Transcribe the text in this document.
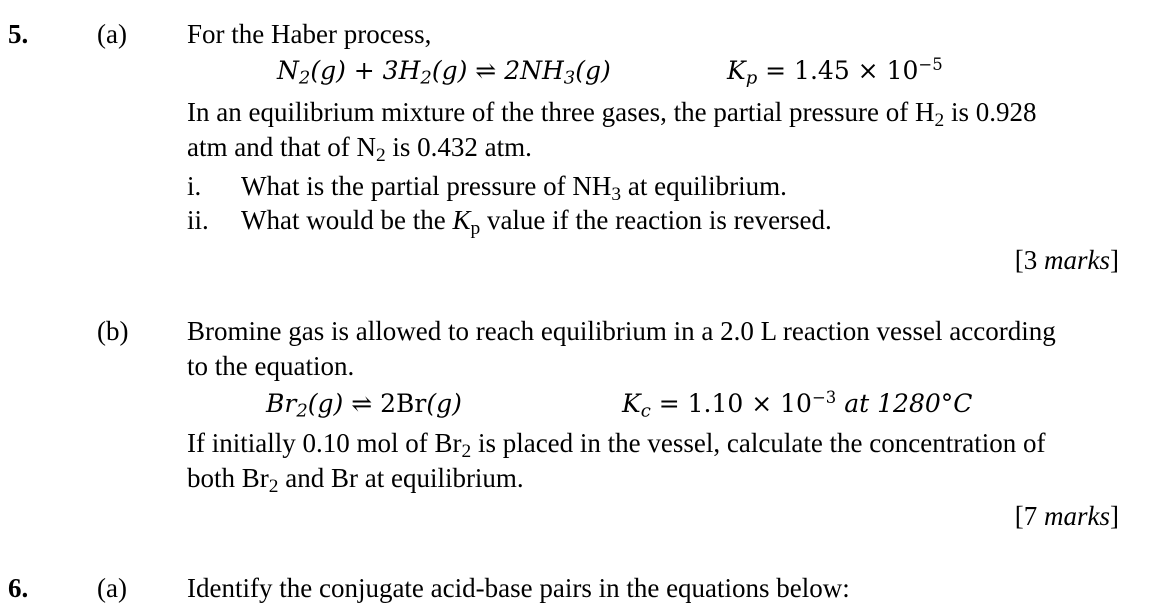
5.	(a) For the Haber process,
$N_2(g) + 3H_2(g)$ ⇌ $2NH_3(g)$	$K_p = 1.45 \times 10^{-5}$
In an equilibrium mixture of the three gases, the partial pressure of $H_2$ is 0.928
atm and that of $N_2$ is 0.432 atm.
i. What is the partial pressure of $NH_3$ at equilibrium.
ii. What would be the $K_p$ value if the reaction is reversed.
[3 marks]
(b) Bromine gas is allowed to reach equilibrium in a 2.0 L reaction vessel according
to the equation.
$Br_2(g)$ ⇌ 2Br(g)	$K_c = 1.10 \times 10^{-3}$ at 1280°C
If initially 0.10 mol of $Br_2$ is placed in the vessel, calculate the concentration of
both $Br_2$ and Br at equilibrium.
[7 marks]
6.	(a) Identify the conjugate acid-base pairs in the equations below:
